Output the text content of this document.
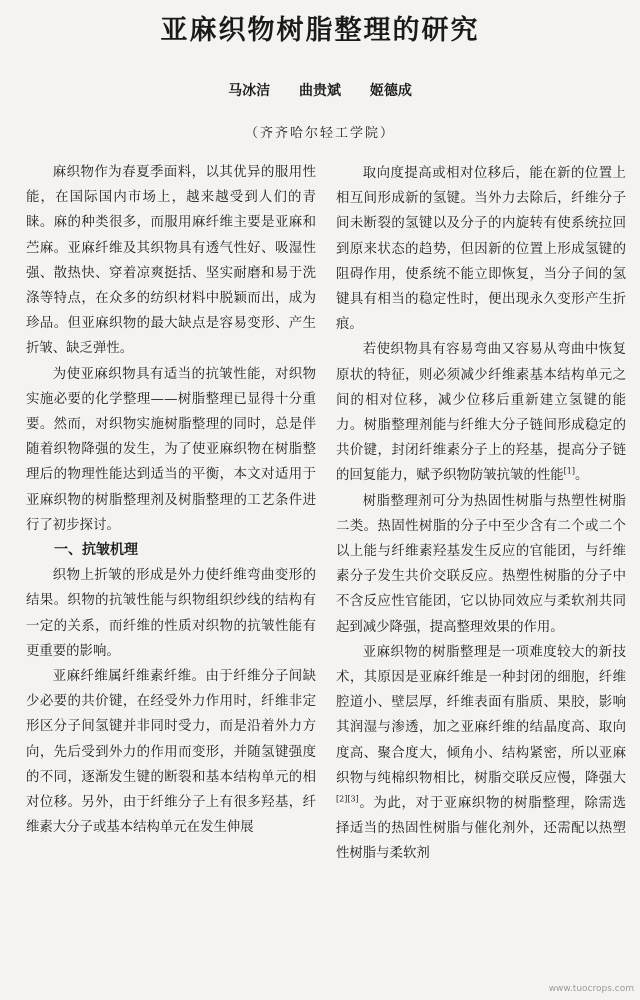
亚麻织物树脂整理的研究
马冰洁 曲贵斌 姬德成
（齐齐哈尔轻工学院）

麻织物作为春夏季面料，以其优异的服用性能，在国际国内市场上，越来越受到人们的青睐。麻的种类很多，而服用麻纤维主要是亚麻和苎麻。亚麻纤维及其织物具有透气性好、吸湿性强、散热快、穿着凉爽挺括、坚实耐磨和易于洗涤等特点，在众多的纺织材料中脱颖而出，成为珍品。但亚麻织物的最大缺点是容易变形、产生折皱、缺乏弹性。

为使亚麻织物具有适当的抗皱性能，对织物实施必要的化学整理——树脂整理已显得十分重要。然而，对织物实施树脂整理的同时，总是伴随着织物降强的发生，为了使亚麻织物在树脂整理后的物理性能达到适当的平衡，本文对适用于亚麻织物的树脂整理剂及树脂整理的工艺条件进行了初步探讨。

一、抗皱机理

织物上折皱的形成是外力使纤维弯曲变形的结果。织物的抗皱性能与织物组织纱线的结构有一定的关系，而纤维的性质对织物的抗皱性能有更重要的影响。

亚麻纤维属纤维素纤维。由于纤维分子间缺少必要的共价键，在经受外力作用时，纤维非定形区分子间氢键并非同时受力，而是沿着外力方向，先后受到外力的作用而变形，并随氢键强度的不同，逐渐发生键的断裂和基本结构单元的相对位移。另外，由于纤维分子上有很多羟基，纤维素大分子或基本结构单元在发生伸展

取向度提高或相对位移后，能在新的位置上相互间形成新的氢键。当外力去除后，纤维分子间未断裂的氢键以及分子的内旋转有使系统拉回到原来状态的趋势，但因新的位置上形成氢键的阻碍作用，使系统不能立即恢复，当分子间的氢键具有相当的稳定性时，便出现永久变形产生折痕。

若使织物具有容易弯曲又容易从弯曲中恢复原状的特征，则必须减少纤维素基本结构单元之间的相对位移，减少位移后重新建立氢键的能力。树脂整理剂能与纤维大分子链间形成稳定的共价键，封闭纤维素分子上的羟基，提高分子链的回复能力，赋予织物防皱抗皱的性能[1]。

树脂整理剂可分为热固性树脂与热塑性树脂二类。热固性树脂的分子中至少含有二个或二个以上能与纤维素羟基发生反应的官能团，与纤维素分子发生共价交联反应。热塑性树脂的分子中不含反应性官能团，它以协同效应与柔软剂共同起到减少降强，提高整理效果的作用。

亚麻织物的树脂整理是一项难度较大的新技术，其原因是亚麻纤维是一种封闭的细胞，纤维腔道小、壁层厚，纤维表面有脂质、果胶，影响其润湿与渗透，加之亚麻纤维的结晶度高、取向度高、聚合度大，倾角小、结构紧密，所以亚麻织物与纯棉织物相比，树脂交联反应慢，降强大[2][3]。为此，对于亚麻织物的树脂整理，除需选择适当的热固性树脂与催化剂外，还需配以热塑性树脂与柔软剂

www.tuocrops.com
